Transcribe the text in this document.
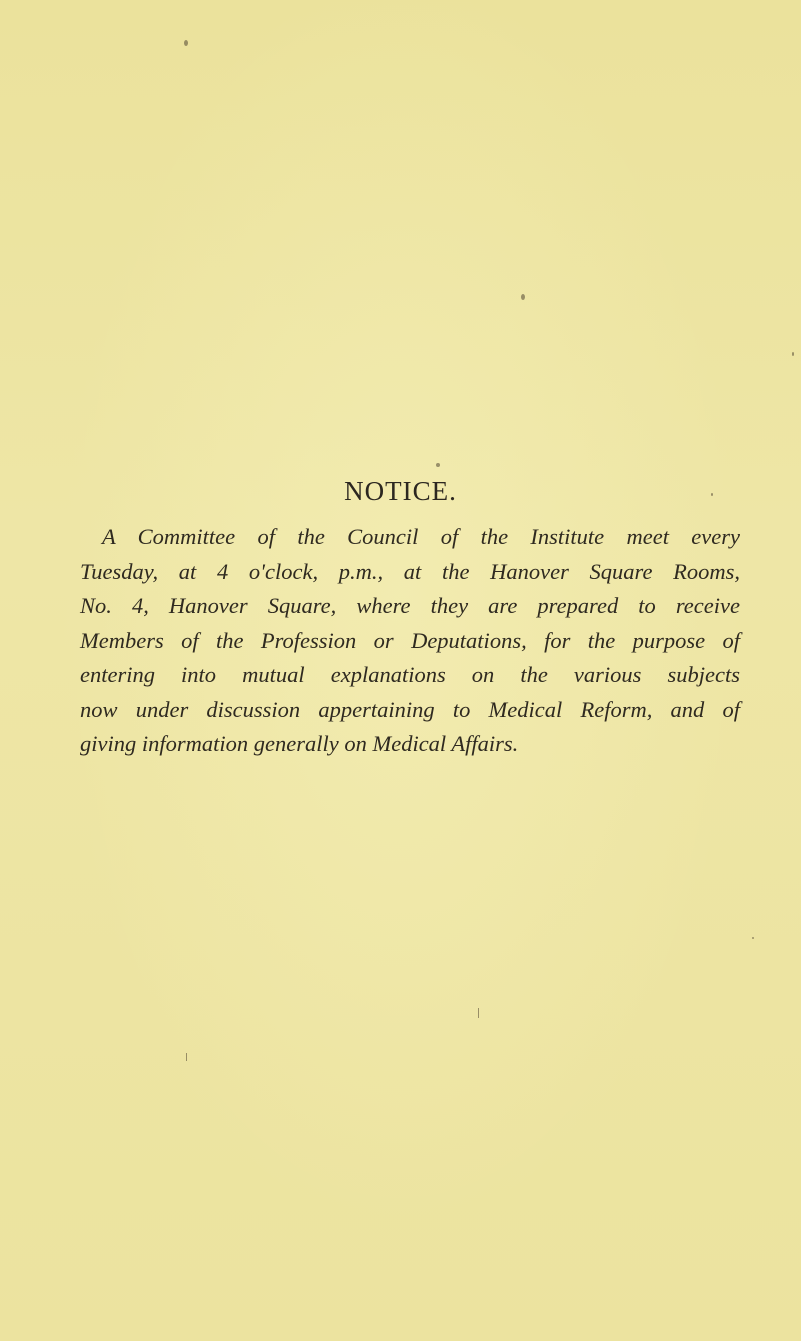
NOTICE.
A Committee of the Council of the Institute meet every
Tuesday, at 4 o'clock, p.m., at the Hanover Square Rooms,
No. 4, Hanover Square, where they are prepared to receive
Members of the Profession or Deputations, for the purpose of
entering into mutual explanations on the various subjects
now under discussion appertaining to Medical Reform, and of
giving information generally on Medical Affairs.
